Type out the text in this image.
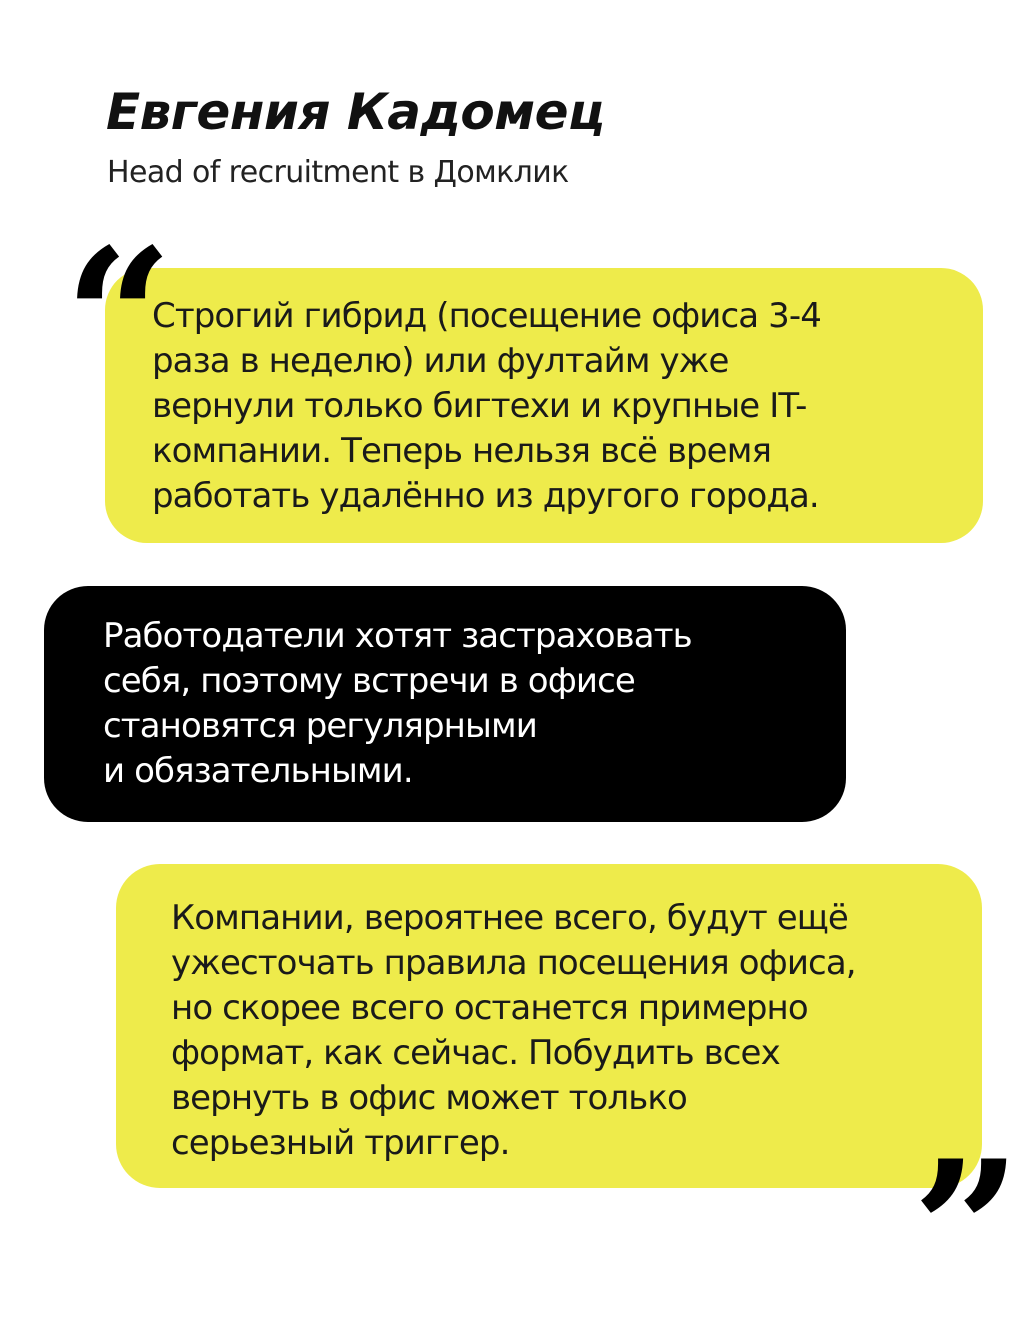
Евгения Кадомец
Head of recruitment в Домклик

Строгий гибрид (посещение офиса 3-4

раза в неделю) или фултайм уже

вернули только бигтехи и крупные IT-

компании. Теперь нельзя всё время

работать удалённо из другого города.

Работодатели хотят застраховать

себя, поэтому встречи в офисе

становятся регулярными

и обязательными.

Компании, вероятнее всего, будут ещё

ужесточать правила посещения офиса,

но скорее всего останется примерно

формат, как сейчас. Побудить всех

вернуть в офис может только

серьезный триггер.

“
”
